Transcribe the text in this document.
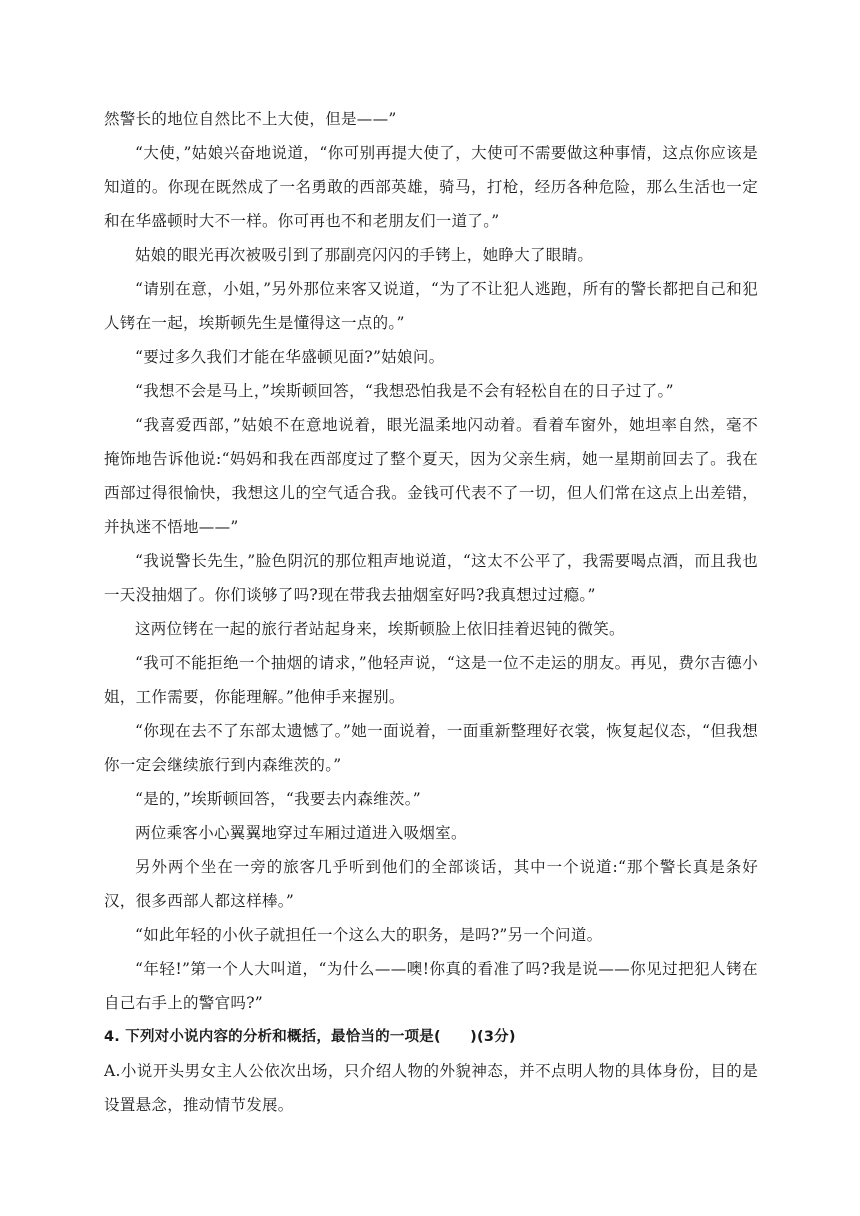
然警长的地位自然比不上大使，但是——”

“大使，”姑娘兴奋地说道，“你可别再提大使了，大使可不需要做这种事情，这点你应该是知道的。你现在既然成了一名勇敢的西部英雄，骑马，打枪，经历各种危险，那么生活也一定和在华盛顿时大不一样。你可再也不和老朋友们一道了。”

姑娘的眼光再次被吸引到了那副亮闪闪的手铐上，她睁大了眼睛。

“请别在意，小姐，”另外那位来客又说道，“为了不让犯人逃跑，所有的警长都把自己和犯人铐在一起，埃斯顿先生是懂得这一点的。”

“要过多久我们才能在华盛顿见面?”姑娘问。

“我想不会是马上，”埃斯顿回答，“我想恐怕我是不会有轻松自在的日子过了。”

“我喜爱西部，”姑娘不在意地说着，眼光温柔地闪动着。看着车窗外，她坦率自然，毫不掩饰地告诉他说:“妈妈和我在西部度过了整个夏天，因为父亲生病，她一星期前回去了。我在西部过得很愉快，我想这儿的空气适合我。金钱可代表不了一切，但人们常在这点上出差错，并执迷不悟地——”

“我说警长先生，”脸色阴沉的那位粗声地说道，“这太不公平了，我需要喝点酒，而且我也一天没抽烟了。你们谈够了吗?现在带我去抽烟室好吗?我真想过过瘾。”

这两位铐在一起的旅行者站起身来，埃斯顿脸上依旧挂着迟钝的微笑。

“我可不能拒绝一个抽烟的请求，”他轻声说，“这是一位不走运的朋友。再见，费尔吉德小姐，工作需要，你能理解。”他伸手来握别。

“你现在去不了东部太遗憾了。”她一面说着，一面重新整理好衣裳，恢复起仪态，“但我想你一定会继续旅行到内森维茨的。”

“是的，”埃斯顿回答，“我要去内森维茨。”

两位乘客小心翼翼地穿过车厢过道进入吸烟室。

另外两个坐在一旁的旅客几乎听到他们的全部谈话，其中一个说道:“那个警长真是条好汉，很多西部人都这样棒。”

“如此年轻的小伙子就担任一个这么大的职务，是吗?”另一个问道。

“年轻!”第一个人大叫道，“为什么——噢!你真的看准了吗?我是说——你见过把犯人铐在自己右手上的警官吗?”

4. 下列对小说内容的分析和概括，最恰当的一项是(　　)(3分)

A.小说开头男女主人公依次出场，只介绍人物的外貌神态，并不点明人物的具体身份，目的是设置悬念，推动情节发展。
